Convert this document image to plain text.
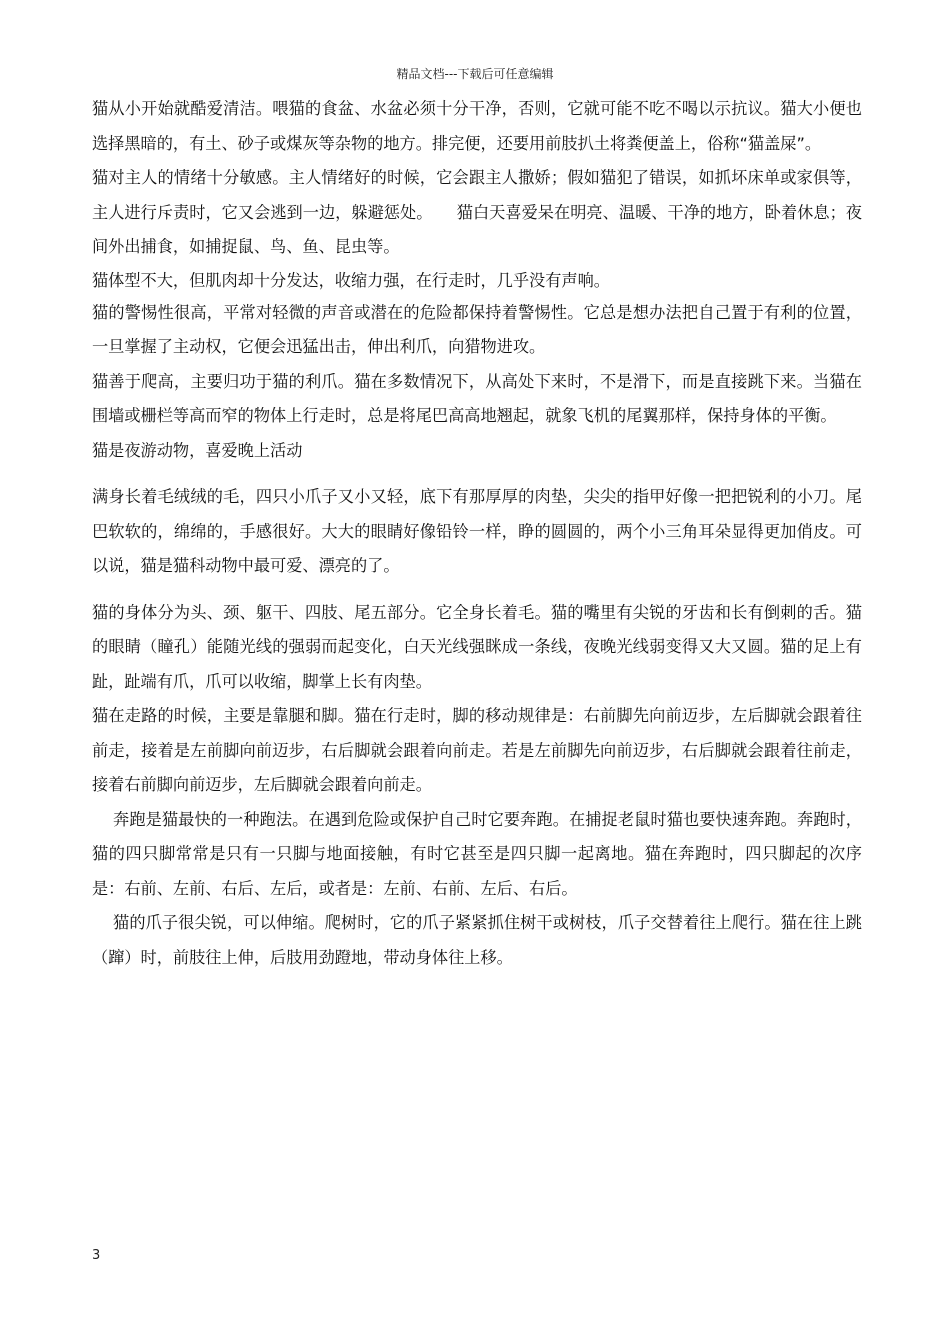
精品文档---下载后可任意编辑

猫从小开始就酷爱清洁。喂猫的食盆、水盆必须十分干净，否则，它就可能不吃不喝以示抗议。猫大小便也选择黑暗的，有土、砂子或煤灰等杂物的地方。排完便，还要用前肢扒土将粪便盖上，俗称“猫盖屎”。

猫对主人的情绪十分敏感。主人情绪好的时候，它会跟主人撒娇；假如猫犯了错误，如抓坏床单或家俱等，主人进行斥责时，它又会逃到一边，躲避惩处。　　猫白天喜爱呆在明亮、温暖、干净的地方，卧着休息；夜间外出捕食，如捕捉鼠、鸟、鱼、昆虫等。

猫体型不大，但肌肉却十分发达，收缩力强，在行走时，几乎没有声响。

猫的警惕性很高，平常对轻微的声音或潜在的危险都保持着警惕性。它总是想办法把自己置于有利的位置，一旦掌握了主动权，它便会迅猛出击，伸出利爪，向猎物进攻。

猫善于爬高，主要归功于猫的利爪。猫在多数情况下，从高处下来时，不是滑下，而是直接跳下来。当猫在围墙或栅栏等高而窄的物体上行走时，总是将尾巴高高地翘起，就象飞机的尾翼那样，保持身体的平衡。

猫是夜游动物，喜爱晚上活动

满身长着毛绒绒的毛，四只小爪子又小又轻，底下有那厚厚的肉垫，尖尖的指甲好像一把把锐利的小刀。尾巴软软的，绵绵的，手感很好。大大的眼睛好像铅铃一样，睁的圆圆的，两个小三角耳朵显得更加俏皮。可以说，猫是猫科动物中最可爱、漂亮的了。

猫的身体分为头、颈、躯干、四肢、尾五部分。它全身长着毛。猫的嘴里有尖锐的牙齿和长有倒刺的舌。猫的眼睛（瞳孔）能随光线的强弱而起变化，白天光线强眯成一条线，夜晚光线弱变得又大又圆。猫的足上有趾，趾端有爪，爪可以收缩，脚掌上长有肉垫。

猫在走路的时候，主要是靠腿和脚。猫在行走时，脚的移动规律是：右前脚先向前迈步，左后脚就会跟着往前走，接着是左前脚向前迈步，右后脚就会跟着向前走。若是左前脚先向前迈步，右后脚就会跟着往前走，接着右前脚向前迈步，左后脚就会跟着向前走。

奔跑是猫最快的一种跑法。在遇到危险或保护自己时它要奔跑。在捕捉老鼠时猫也要快速奔跑。奔跑时，猫的四只脚常常是只有一只脚与地面接触，有时它甚至是四只脚一起离地。猫在奔跑时，四只脚起的次序是：右前、左前、右后、左后，或者是：左前、右前、左后、右后。

猫的爪子很尖锐，可以伸缩。爬树时，它的爪子紧紧抓住树干或树枝，爪子交替着往上爬行。猫在往上跳（蹿）时，前肢往上伸，后肢用劲蹬地，带动身体往上移。

3
